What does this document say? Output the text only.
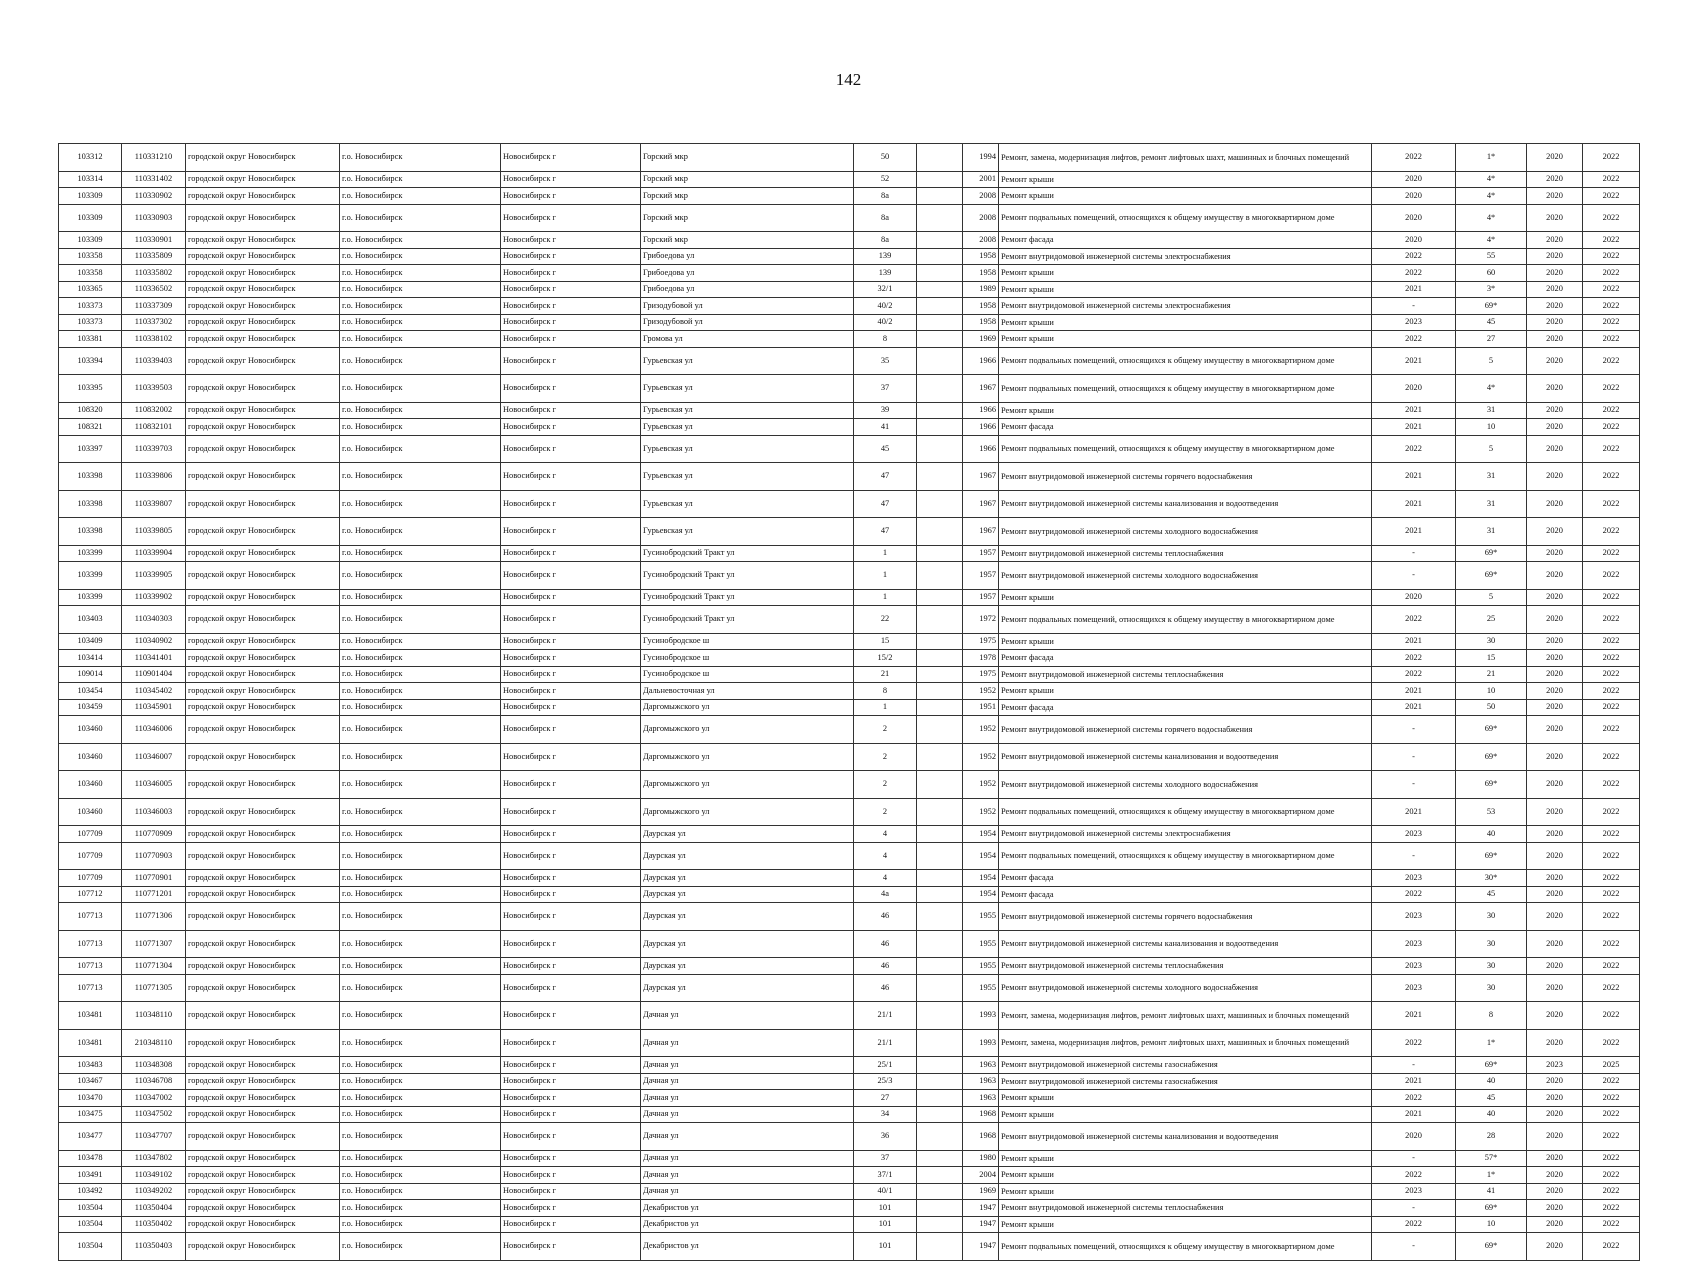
142
103312	110331210	городской округ Новосибирск	г.о. Новосибирск	Новосибирск г	Горский мкр	50		1994	Ремонт, замена, модернизация лифтов, ремонт лифтовых шахт, машинных и блочных помещений	2022	1*	2020	2022
103314	110331402	городской округ Новосибирск	г.о. Новосибирск	Новосибирск г	Горский мкр	52		2001	Ремонт крыши	2020	4*	2020	2022
103309	110330902	городской округ Новосибирск	г.о. Новосибирск	Новосибирск г	Горский мкр	8а		2008	Ремонт крыши	2020	4*	2020	2022
103309	110330903	городской округ Новосибирск	г.о. Новосибирск	Новосибирск г	Горский мкр	8а		2008	Ремонт подвальных помещений, относящихся к общему имуществу в многоквартирном доме	2020	4*	2020	2022
103309	110330901	городской округ Новосибирск	г.о. Новосибирск	Новосибирск г	Горский мкр	8а		2008	Ремонт фасада	2020	4*	2020	2022
103358	110335809	городской округ Новосибирск	г.о. Новосибирск	Новосибирск г	Грибоедова ул	139		1958	Ремонт внутридомовой инженерной системы электроснабжения	2022	55	2020	2022
103358	110335802	городской округ Новосибирск	г.о. Новосибирск	Новосибирск г	Грибоедова ул	139		1958	Ремонт крыши	2022	60	2020	2022
103365	110336502	городской округ Новосибирск	г.о. Новосибирск	Новосибирск г	Грибоедова ул	32/1		1989	Ремонт крыши	2021	3*	2020	2022
103373	110337309	городской округ Новосибирск	г.о. Новосибирск	Новосибирск г	Гризодубовой ул	40/2		1958	Ремонт внутридомовой инженерной системы электроснабжения	-	69*	2020	2022
103373	110337302	городской округ Новосибирск	г.о. Новосибирск	Новосибирск г	Гризодубовой ул	40/2		1958	Ремонт крыши	2023	45	2020	2022
103381	110338102	городской округ Новосибирск	г.о. Новосибирск	Новосибирск г	Громова ул	8		1969	Ремонт крыши	2022	27	2020	2022
103394	110339403	городской округ Новосибирск	г.о. Новосибирск	Новосибирск г	Гурьевская ул	35		1966	Ремонт подвальных помещений, относящихся к общему имуществу в многоквартирном доме	2021	5	2020	2022
103395	110339503	городской округ Новосибирск	г.о. Новосибирск	Новосибирск г	Гурьевская ул	37		1967	Ремонт подвальных помещений, относящихся к общему имуществу в многоквартирном доме	2020	4*	2020	2022
108320	110832002	городской округ Новосибирск	г.о. Новосибирск	Новосибирск г	Гурьевская ул	39		1966	Ремонт крыши	2021	31	2020	2022
108321	110832101	городской округ Новосибирск	г.о. Новосибирск	Новосибирск г	Гурьевская ул	41		1966	Ремонт фасада	2021	10	2020	2022
103397	110339703	городской округ Новосибирск	г.о. Новосибирск	Новосибирск г	Гурьевская ул	45		1966	Ремонт подвальных помещений, относящихся к общему имуществу в многоквартирном доме	2022	5	2020	2022
103398	110339806	городской округ Новосибирск	г.о. Новосибирск	Новосибирск г	Гурьевская ул	47		1967	Ремонт внутридомовой инженерной системы горячего водоснабжения	2021	31	2020	2022
103398	110339807	городской округ Новосибирск	г.о. Новосибирск	Новосибирск г	Гурьевская ул	47		1967	Ремонт внутридомовой инженерной системы канализования и водоотведения	2021	31	2020	2022
103398	110339805	городской округ Новосибирск	г.о. Новосибирск	Новосибирск г	Гурьевская ул	47		1967	Ремонт внутридомовой инженерной системы холодного водоснабжения	2021	31	2020	2022
103399	110339904	городской округ Новосибирск	г.о. Новосибирск	Новосибирск г	Гусинобродский Тракт ул	1		1957	Ремонт внутридомовой инженерной системы теплоснабжения	-	69*	2020	2022
103399	110339905	городской округ Новосибирск	г.о. Новосибирск	Новосибирск г	Гусинобродский Тракт ул	1		1957	Ремонт внутридомовой инженерной системы холодного водоснабжения	-	69*	2020	2022
103399	110339902	городской округ Новосибирск	г.о. Новосибирск	Новосибирск г	Гусинобродский Тракт ул	1		1957	Ремонт крыши	2020	5	2020	2022
103403	110340303	городской округ Новосибирск	г.о. Новосибирск	Новосибирск г	Гусинобродский Тракт ул	22		1972	Ремонт подвальных помещений, относящихся к общему имуществу в многоквартирном доме	2022	25	2020	2022
103409	110340902	городской округ Новосибирск	г.о. Новосибирск	Новосибирск г	Гусинобродское ш	15		1975	Ремонт крыши	2021	30	2020	2022
103414	110341401	городской округ Новосибирск	г.о. Новосибирск	Новосибирск г	Гусинобродское ш	15/2		1978	Ремонт фасада	2022	15	2020	2022
109014	110901404	городской округ Новосибирск	г.о. Новосибирск	Новосибирск г	Гусинобродское ш	21		1975	Ремонт внутридомовой инженерной системы теплоснабжения	2022	21	2020	2022
103454	110345402	городской округ Новосибирск	г.о. Новосибирск	Новосибирск г	Дальневосточная ул	8		1952	Ремонт крыши	2021	10	2020	2022
103459	110345901	городской округ Новосибирск	г.о. Новосибирск	Новосибирск г	Даргомыжского ул	1		1951	Ремонт фасада	2021	50	2020	2022
103460	110346006	городской округ Новосибирск	г.о. Новосибирск	Новосибирск г	Даргомыжского ул	2		1952	Ремонт внутридомовой инженерной системы горячего водоснабжения	-	69*	2020	2022
103460	110346007	городской округ Новосибирск	г.о. Новосибирск	Новосибирск г	Даргомыжского ул	2		1952	Ремонт внутридомовой инженерной системы канализования и водоотведения	-	69*	2020	2022
103460	110346005	городской округ Новосибирск	г.о. Новосибирск	Новосибирск г	Даргомыжского ул	2		1952	Ремонт внутридомовой инженерной системы холодного водоснабжения	-	69*	2020	2022
103460	110346003	городской округ Новосибирск	г.о. Новосибирск	Новосибирск г	Даргомыжского ул	2		1952	Ремонт подвальных помещений, относящихся к общему имуществу в многоквартирном доме	2021	53	2020	2022
107709	110770909	городской округ Новосибирск	г.о. Новосибирск	Новосибирск г	Даурская ул	4		1954	Ремонт внутридомовой инженерной системы электроснабжения	2023	40	2020	2022
107709	110770903	городской округ Новосибирск	г.о. Новосибирск	Новосибирск г	Даурская ул	4		1954	Ремонт подвальных помещений, относящихся к общему имуществу в многоквартирном доме	-	69*	2020	2022
107709	110770901	городской округ Новосибирск	г.о. Новосибирск	Новосибирск г	Даурская ул	4		1954	Ремонт фасада	2023	30*	2020	2022
107712	110771201	городской округ Новосибирск	г.о. Новосибирск	Новосибирск г	Даурская ул	4а		1954	Ремонт фасада	2022	45	2020	2022
107713	110771306	городской округ Новосибирск	г.о. Новосибирск	Новосибирск г	Даурская ул	46		1955	Ремонт внутридомовой инженерной системы горячего водоснабжения	2023	30	2020	2022
107713	110771307	городской округ Новосибирск	г.о. Новосибирск	Новосибирск г	Даурская ул	46		1955	Ремонт внутридомовой инженерной системы канализования и водоотведения	2023	30	2020	2022
107713	110771304	городской округ Новосибирск	г.о. Новосибирск	Новосибирск г	Даурская ул	46		1955	Ремонт внутридомовой инженерной системы теплоснабжения	2023	30	2020	2022
107713	110771305	городской округ Новосибирск	г.о. Новосибирск	Новосибирск г	Даурская ул	46		1955	Ремонт внутридомовой инженерной системы холодного водоснабжения	2023	30	2020	2022
103481	110348110	городской округ Новосибирск	г.о. Новосибирск	Новосибирск г	Дачная ул	21/1		1993	Ремонт, замена, модернизация лифтов, ремонт лифтовых шахт, машинных и блочных помещений	2021	8	2020	2022
103481	210348110	городской округ Новосибирск	г.о. Новосибирск	Новосибирск г	Дачная ул	21/1		1993	Ремонт, замена, модернизация лифтов, ремонт лифтовых шахт, машинных и блочных помещений	2022	1*	2020	2022
103483	110348308	городской округ Новосибирск	г.о. Новосибирск	Новосибирск г	Дачная ул	25/1		1963	Ремонт внутридомовой инженерной системы газоснабжения	-	69*	2023	2025
103467	110346708	городской округ Новосибирск	г.о. Новосибирск	Новосибирск г	Дачная ул	25/3		1963	Ремонт внутридомовой инженерной системы газоснабжения	2021	40	2020	2022
103470	110347002	городской округ Новосибирск	г.о. Новосибирск	Новосибирск г	Дачная ул	27		1963	Ремонт крыши	2022	45	2020	2022
103475	110347502	городской округ Новосибирск	г.о. Новосибирск	Новосибирск г	Дачная ул	34		1968	Ремонт крыши	2021	40	2020	2022
103477	110347707	городской округ Новосибирск	г.о. Новосибирск	Новосибирск г	Дачная ул	36		1968	Ремонт внутридомовой инженерной системы канализования и водоотведения	2020	28	2020	2022
103478	110347802	городской округ Новосибирск	г.о. Новосибирск	Новосибирск г	Дачная ул	37		1980	Ремонт крыши	-	57*	2020	2022
103491	110349102	городской округ Новосибирск	г.о. Новосибирск	Новосибирск г	Дачная ул	37/1		2004	Ремонт крыши	2022	1*	2020	2022
103492	110349202	городской округ Новосибирск	г.о. Новосибирск	Новосибирск г	Дачная ул	40/1		1969	Ремонт крыши	2023	41	2020	2022
103504	110350404	городской округ Новосибирск	г.о. Новосибирск	Новосибирск г	Декабристов ул	101		1947	Ремонт внутридомовой инженерной системы теплоснабжения	-	69*	2020	2022
103504	110350402	городской округ Новосибирск	г.о. Новосибирск	Новосибирск г	Декабристов ул	101		1947	Ремонт крыши	2022	10	2020	2022
103504	110350403	городской округ Новосибирск	г.о. Новосибирск	Новосибирск г	Декабристов ул	101		1947	Ремонт подвальных помещений, относящихся к общему имуществу в многоквартирном доме	-	69*	2020	2022
